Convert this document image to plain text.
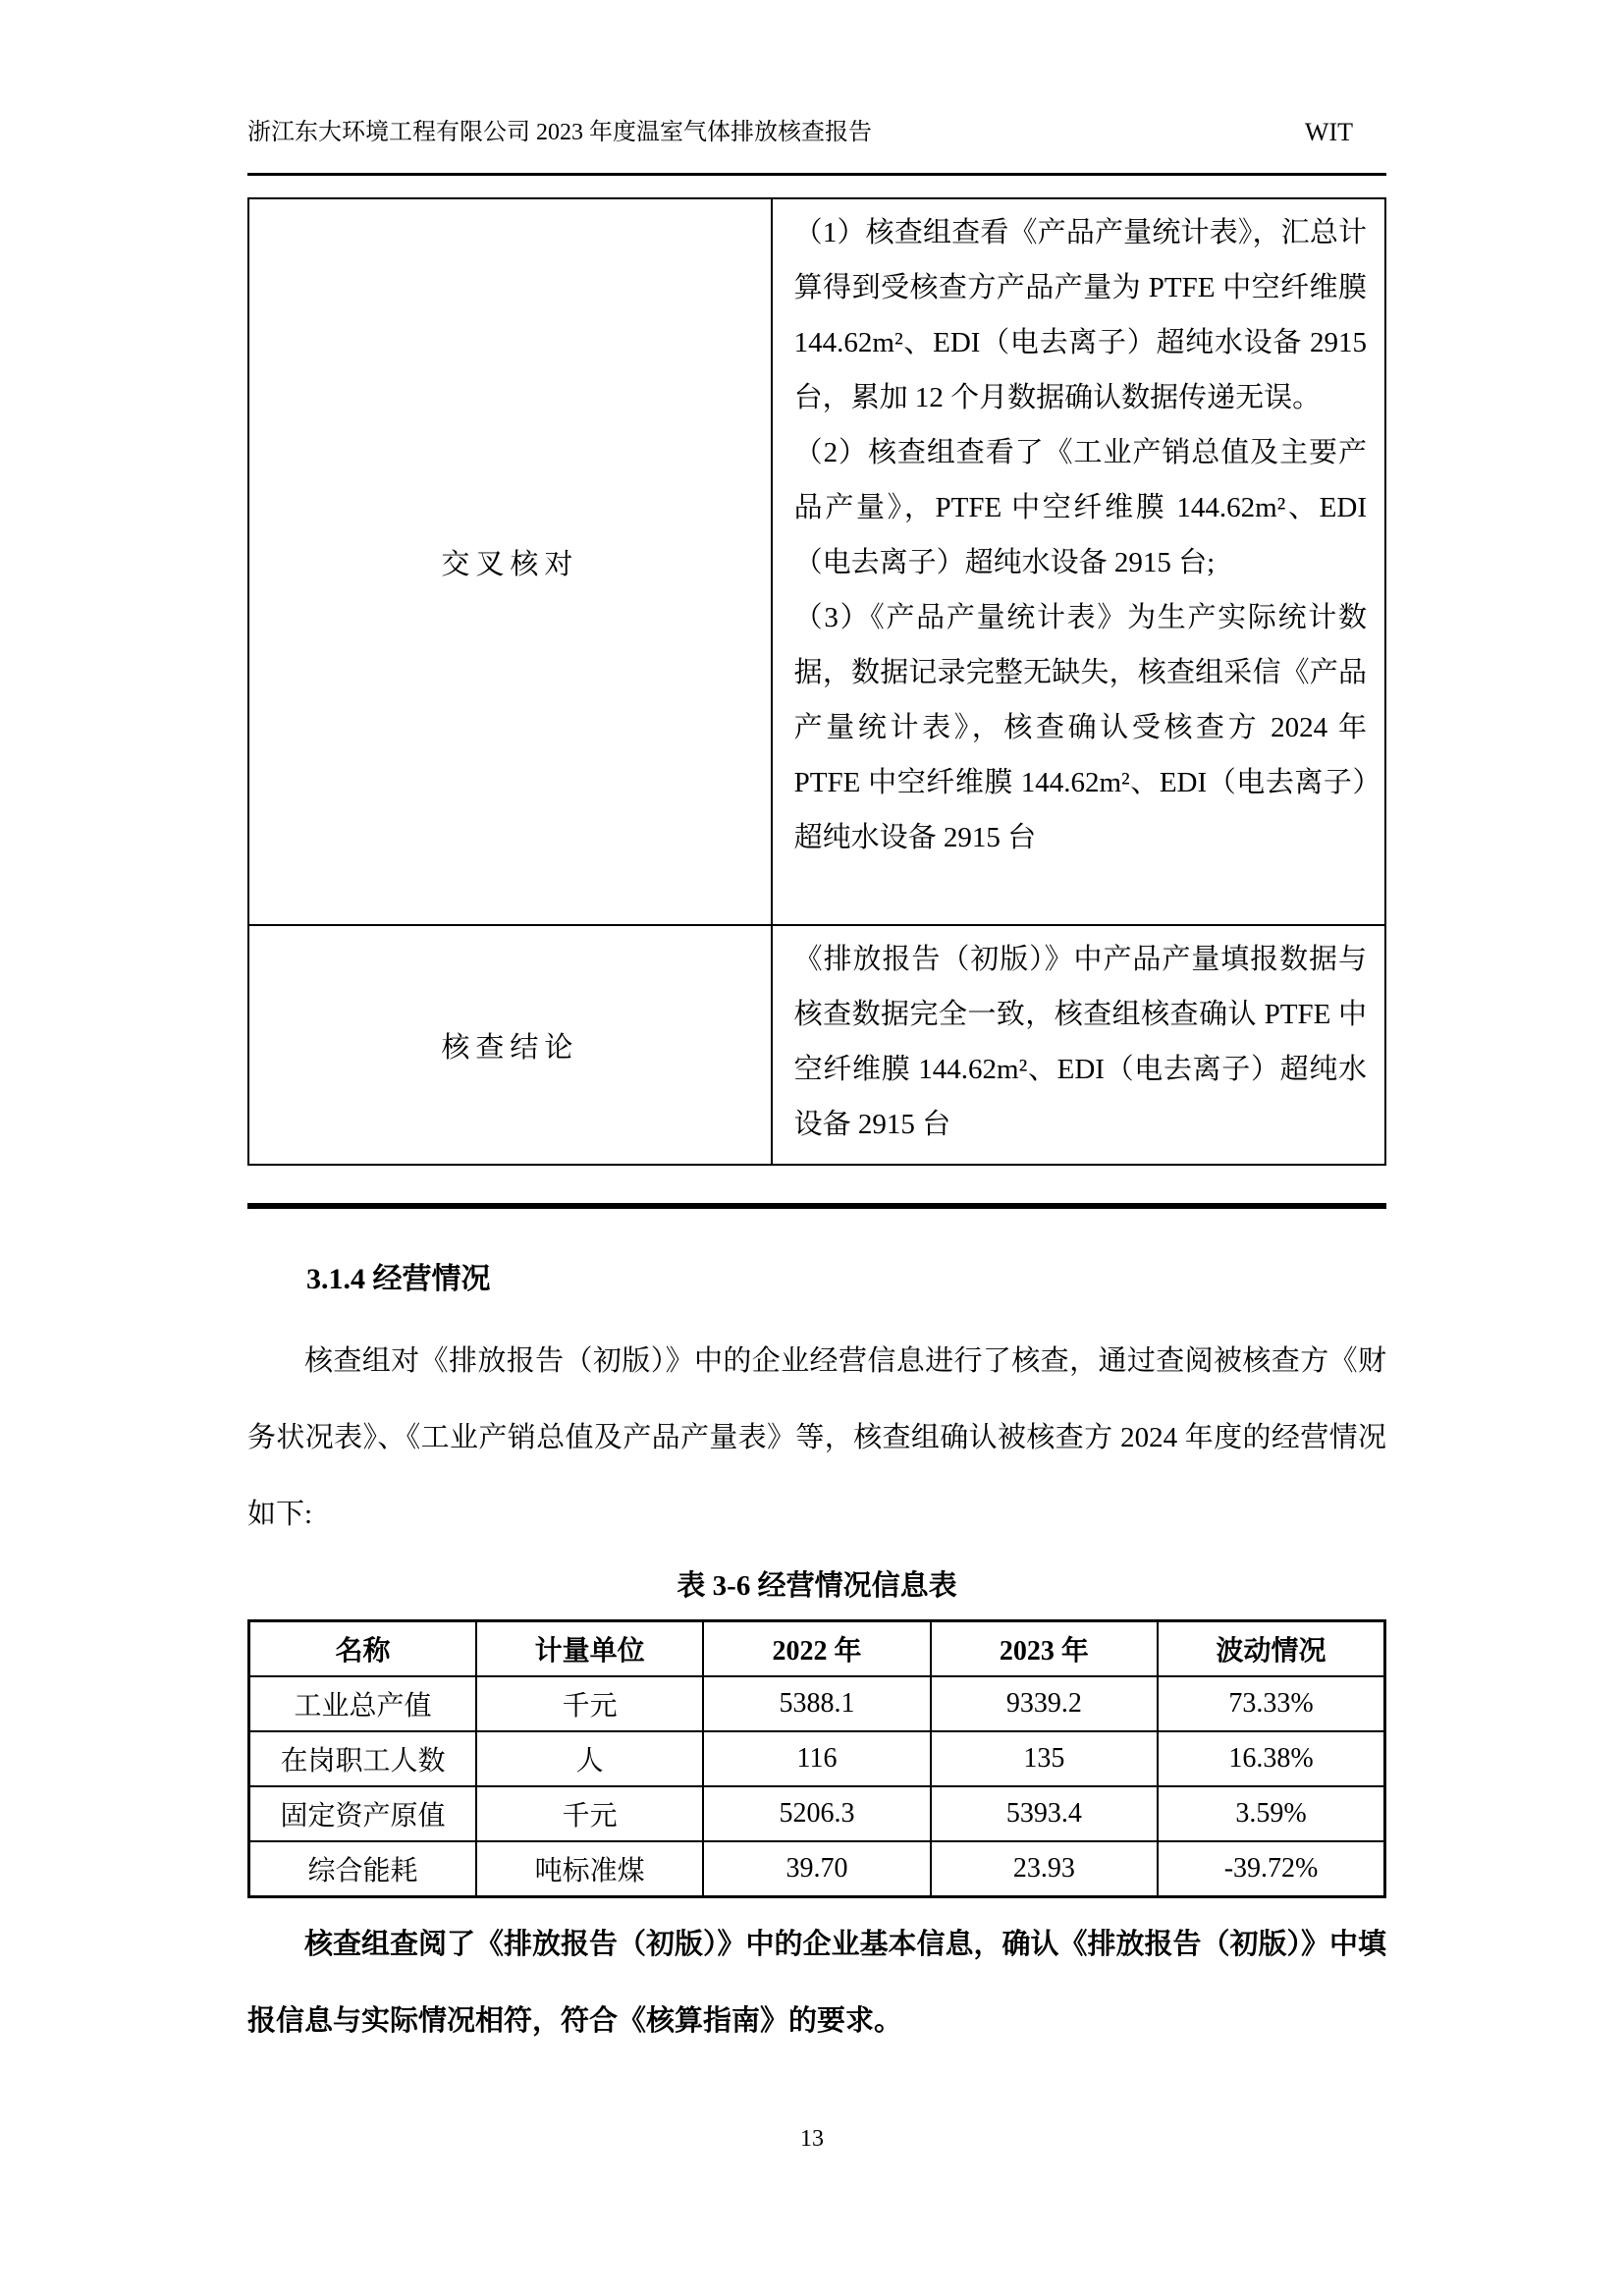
浙江东大环境工程有限公司 2023 年度温室气体排放核查报告	WIT
交叉核对	（1）核查组查看《产品产量统计表》，汇总计算得到受核查方产品产量为 PTFE 中空纤维膜 144.62m²、EDI（电去离子）超纯水设备 2915 台，累加 12 个月数据确认数据传递无误。

（2）核查组查看了《工业产销总值及主要产品产量》，PTFE 中空纤维膜 144.62m²、EDI（电去离子）超纯水设备 2915 台;

（3）《产品产量统计表》为生产实际统计数据，数据记录完整无缺失，核查组采信《产品产量统计表》，核查确认受核查方 2024 年 PTFE 中空纤维膜 144.62m²、EDI（电去离子）超纯水设备 2915 台

核查结论	《排放报告（初版）》中产品产量填报数据与核查数据完全一致，核查组核查确认 PTFE 中空纤维膜 144.62m²、EDI（电去离子）超纯水设备 2915 台

3.1.4 经营情况

核查组对《排放报告（初版）》中的企业经营信息进行了核查，通过查阅被核查方《财务状况表》、《工业产销总值及产品产量表》等，核查组确认被核查方 2024 年度的经营情况如下:

表 3-6 经营情况信息表
名称	计量单位	2022 年	2023 年	波动情况
工业总产值	千元	5388.1	9339.2	73.33%
在岗职工人数	人	116	135	16.38%
固定资产原值	千元	5206.3	5393.4	3.59%
综合能耗	吨标准煤	39.70	23.93	-39.72%

核查组查阅了《排放报告（初版）》中的企业基本信息，确认《排放报告（初版）》中填报信息与实际情况相符，符合《核算指南》的要求。

13
